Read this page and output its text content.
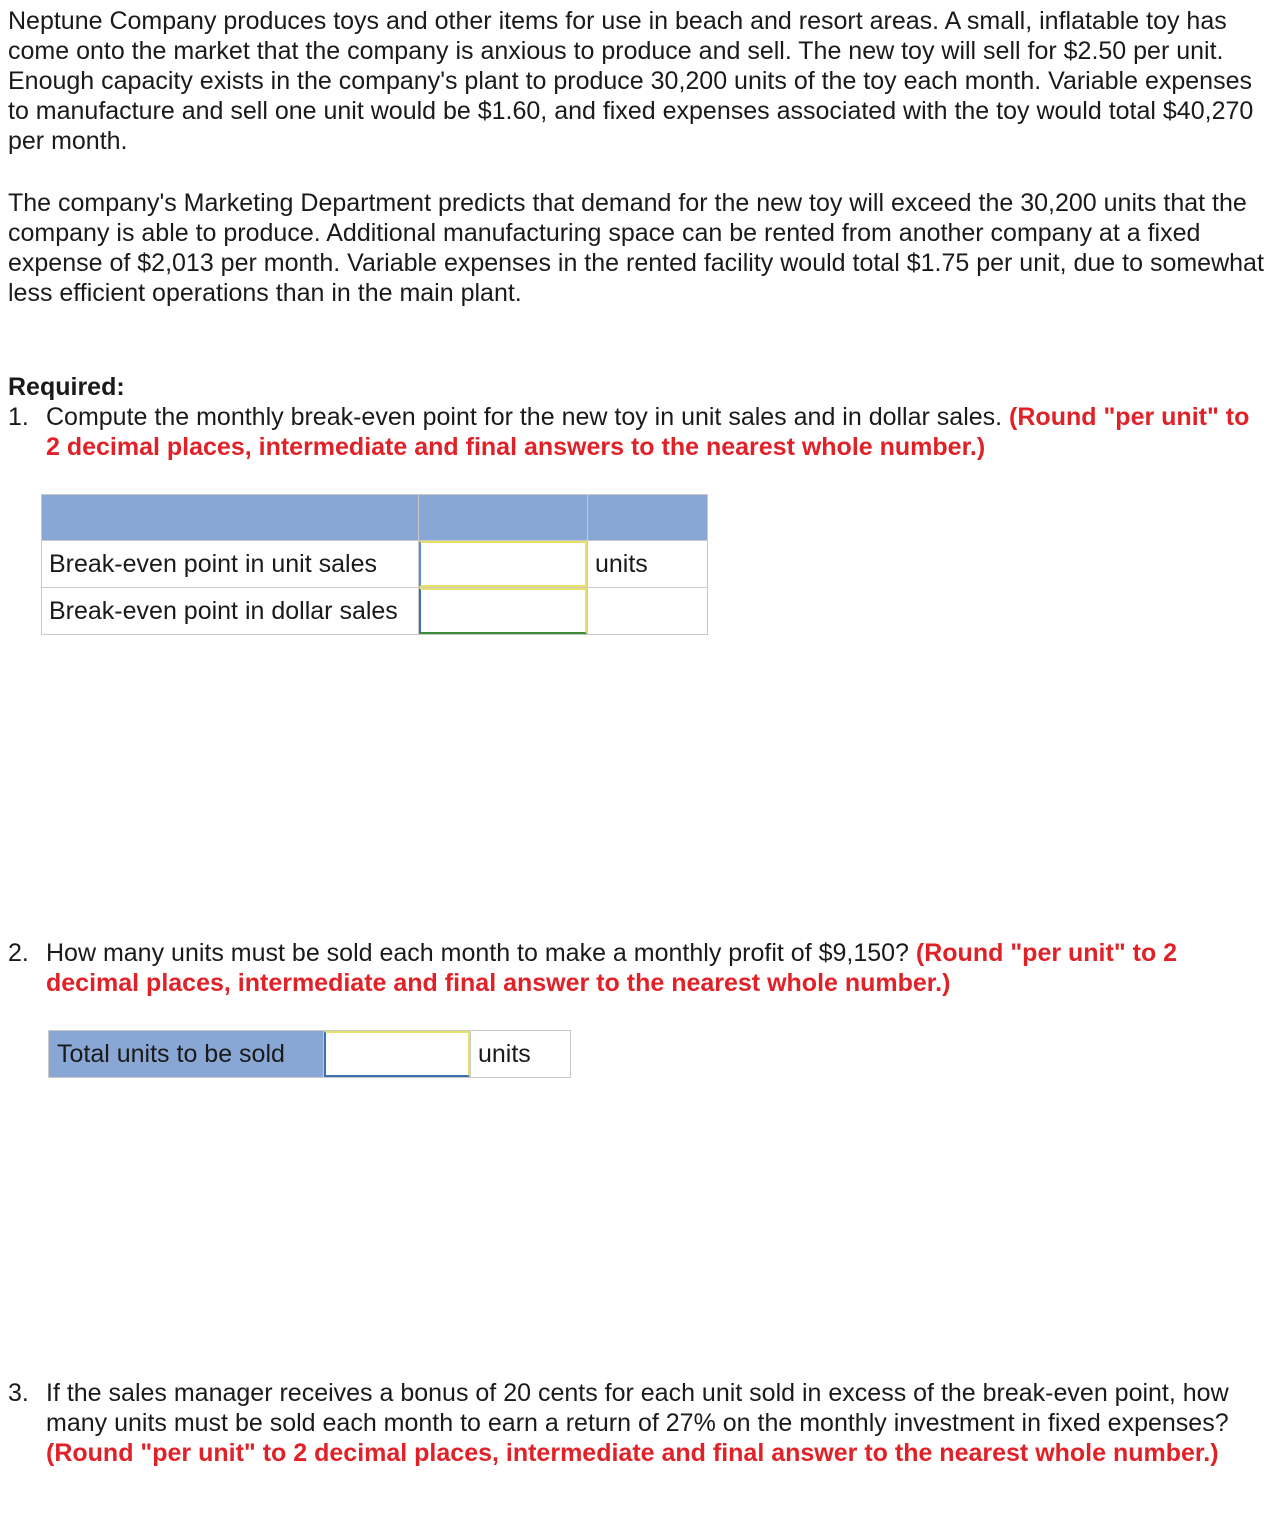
Neptune Company produces toys and other items for use in beach and resort areas. A small, inflatable toy has come onto the market that the company is anxious to produce and sell. The new toy will sell for $2.50 per unit. Enough capacity exists in the company's plant to produce 30,200 units of the toy each month. Variable expenses to manufacture and sell one unit would be $1.60, and fixed expenses associated with the toy would total $40,270 per month.

The company's Marketing Department predicts that demand for the new toy will exceed the 30,200 units that the company is able to produce. Additional manufacturing space can be rented from another company at a fixed expense of $2,013 per month. Variable expenses in the rented facility would total $1.75 per unit, due to somewhat less efficient operations than in the main plant.

Required:

1. Compute the monthly break-even point for the new toy in unit sales and in dollar sales. (Round "per unit" to 2 decimal places, intermediate and final answers to the nearest whole number.)

Break-even point in unit sales		units
Break-even point in dollar sales	

2. How many units must be sold each month to make a monthly profit of $9,150? (Round "per unit" to 2 decimal places, intermediate and final answer to the nearest whole number.)
Total units to be sold		units
3. If the sales manager receives a bonus of 20 cents for each unit sold in excess of the break-even point, how many units must be sold each month to earn a return of 27% on the monthly investment in fixed expenses? (Round "per unit" to 2 decimal places, intermediate and final answer to the nearest whole number.)
